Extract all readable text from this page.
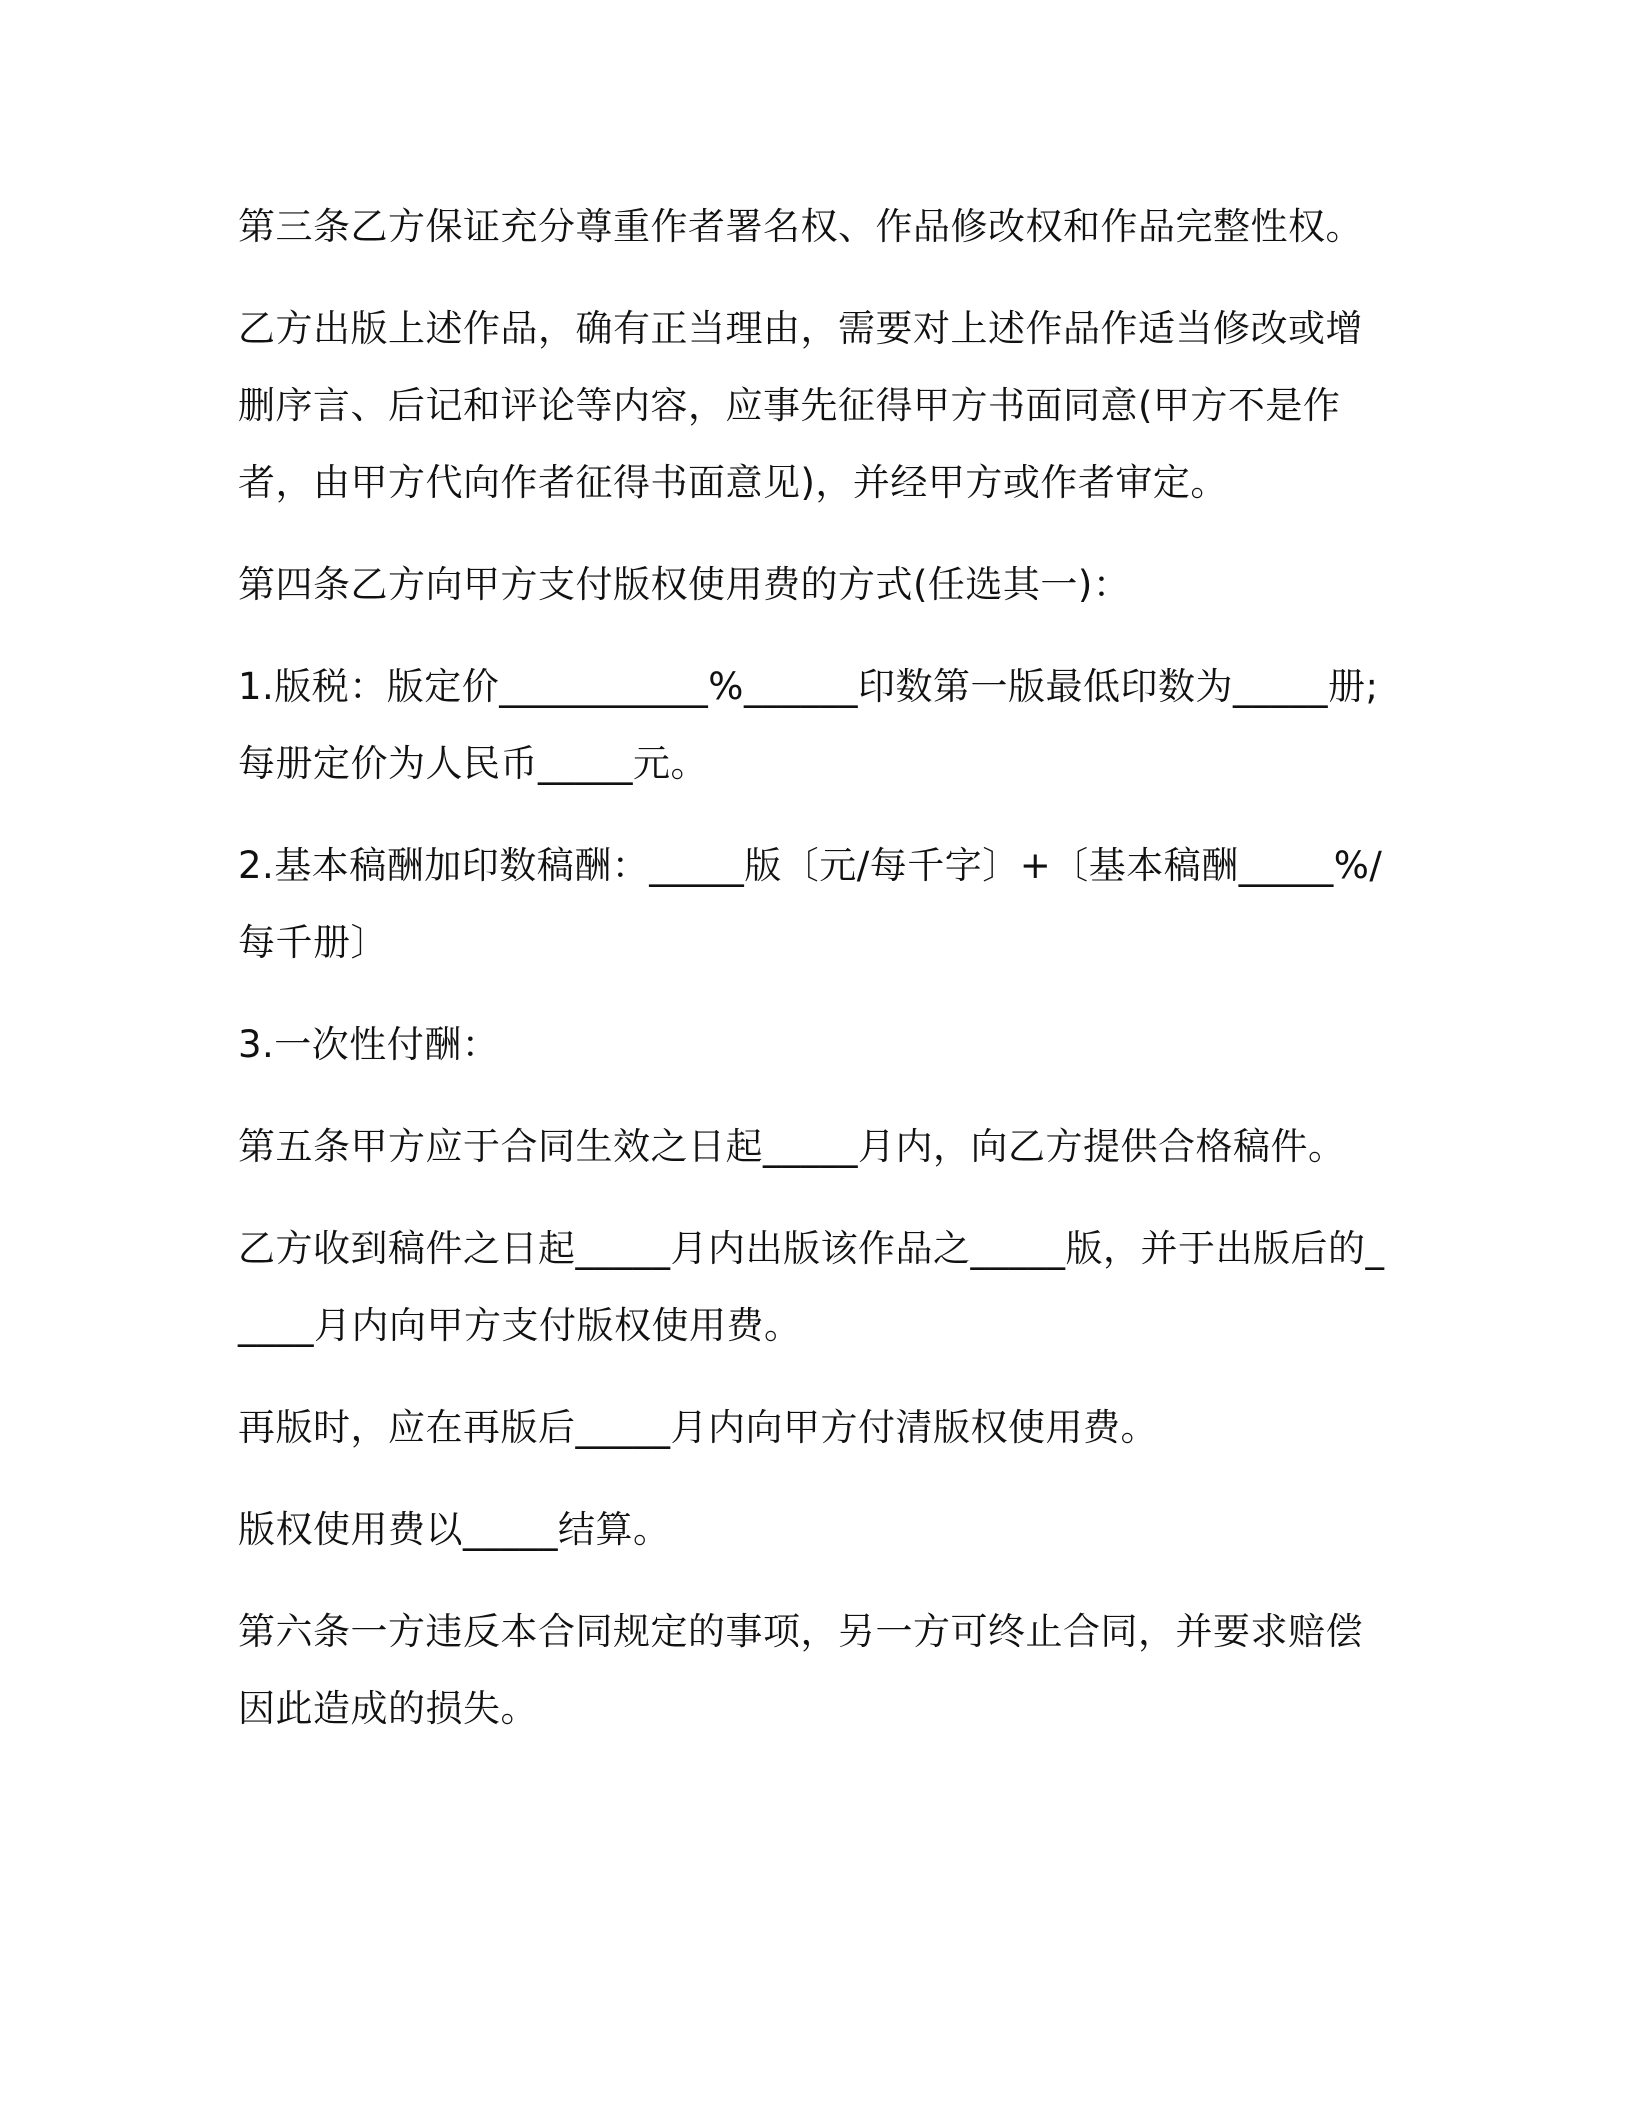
第三条乙方保证充分尊重作者署名权、作品修改权和作品完整性权。

乙方出版上述作品，确有正当理由，需要对上述作品作适当修改或增删序言、后记和评论等内容，应事先征得甲方书面同意(甲方不是作者，由甲方代向作者征得书面意见)，并经甲方或作者审定。

第四条乙方向甲方支付版权使用费的方式(任选其一)：

1.版税：版定价___________%______印数第一版最低印数为_____册;每册定价为人民币_____元。

2.基本稿酬加印数稿酬：_____版〔元/每千字〕+〔基本稿酬_____%/每千册〕

3.一次性付酬：

第五条甲方应于合同生效之日起_____月内，向乙方提供合格稿件。

乙方收到稿件之日起_____月内出版该作品之_____版，并于出版后的_____月内向甲方支付版权使用费。

再版时，应在再版后_____月内向甲方付清版权使用费。

版权使用费以_____结算。

第六条一方违反本合同规定的事项，另一方可终止合同，并要求赔偿因此造成的损失。
